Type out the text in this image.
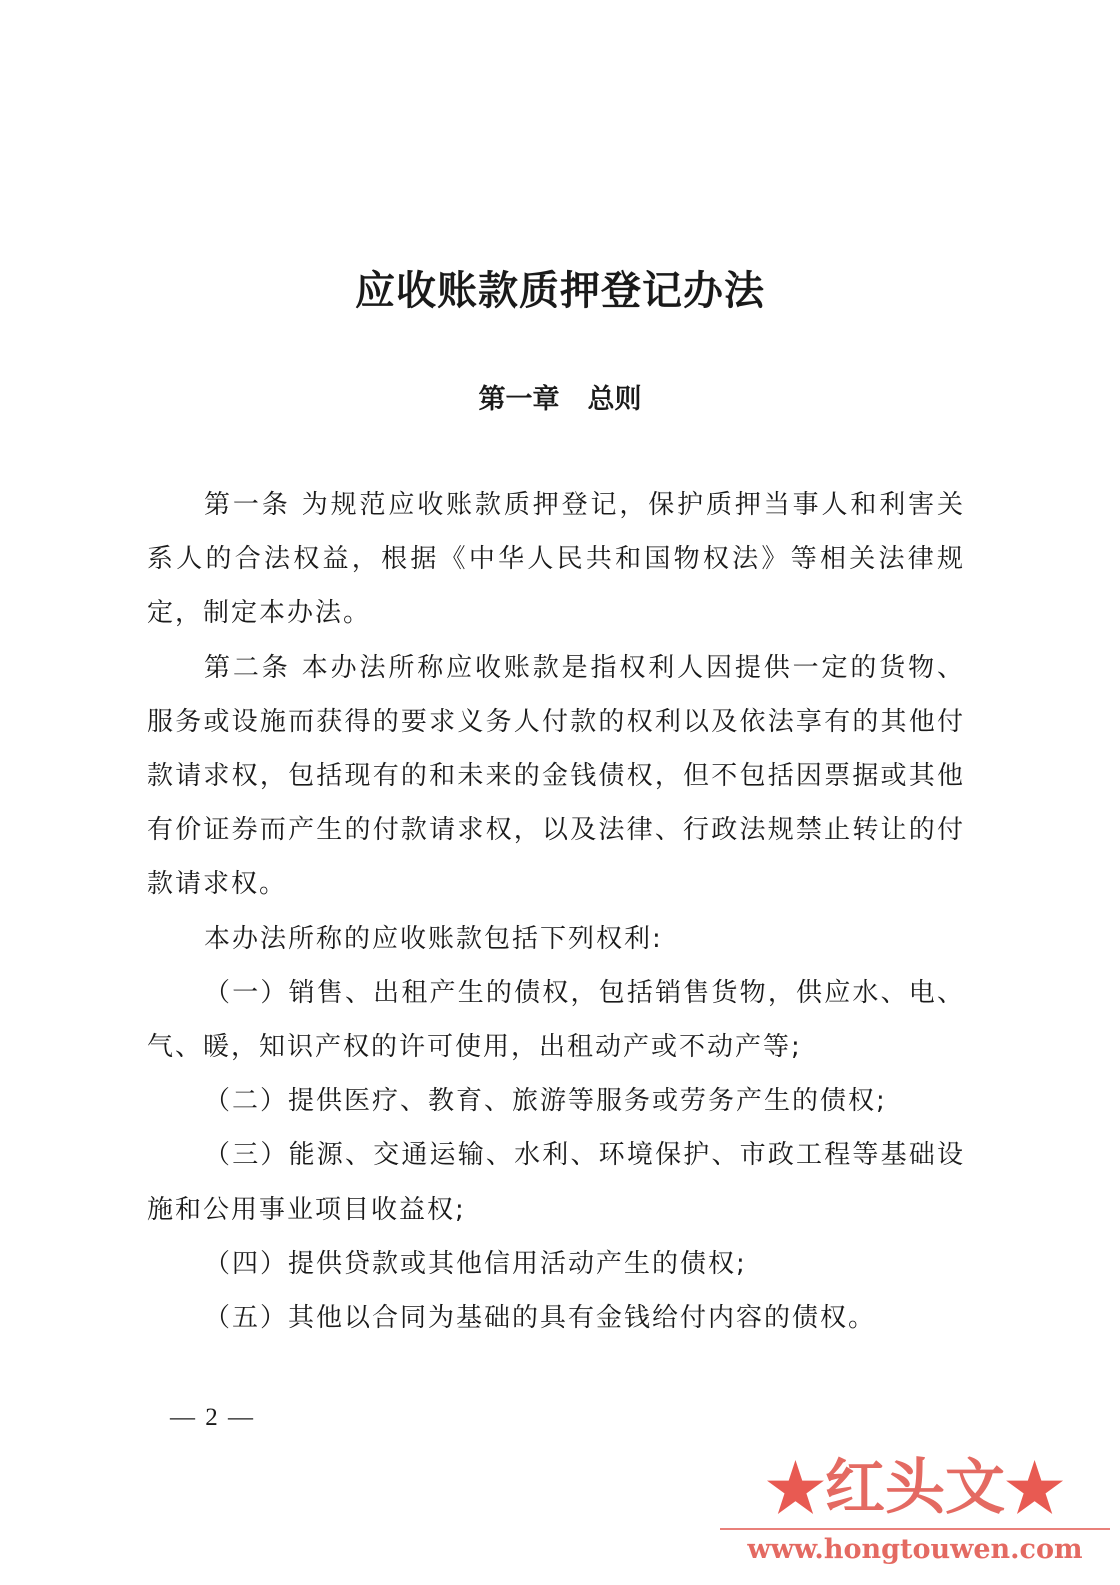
应收账款质押登记办法
第一章 总则

第一条 为规范应收账款质押登记，保护质押当事人和利害关系人的合法权益，根据《中华人民共和国物权法》等相关法律规定，制定本办法。

第二条 本办法所称应收账款是指权利人因提供一定的货物、服务或设施而获得的要求义务人付款的权利以及依法享有的其他付款请求权，包括现有的和未来的金钱债权，但不包括因票据或其他有价证券而产生的付款请求权，以及法律、行政法规禁止转让的付款请求权。

本办法所称的应收账款包括下列权利:

（一）销售、出租产生的债权，包括销售货物，供应水、电、气、暖，知识产权的许可使用，出租动产或不动产等;

（二）提供医疗、教育、旅游等服务或劳务产生的债权;

（三）能源、交通运输、水利、环境保护、市政工程等基础设施和公用事业项目收益权;

（四）提供贷款或其他信用活动产生的债权;

（五）其他以合同为基础的具有金钱给付内容的债权。

— 2 —
★红头文★
www.hongtouwen.com
